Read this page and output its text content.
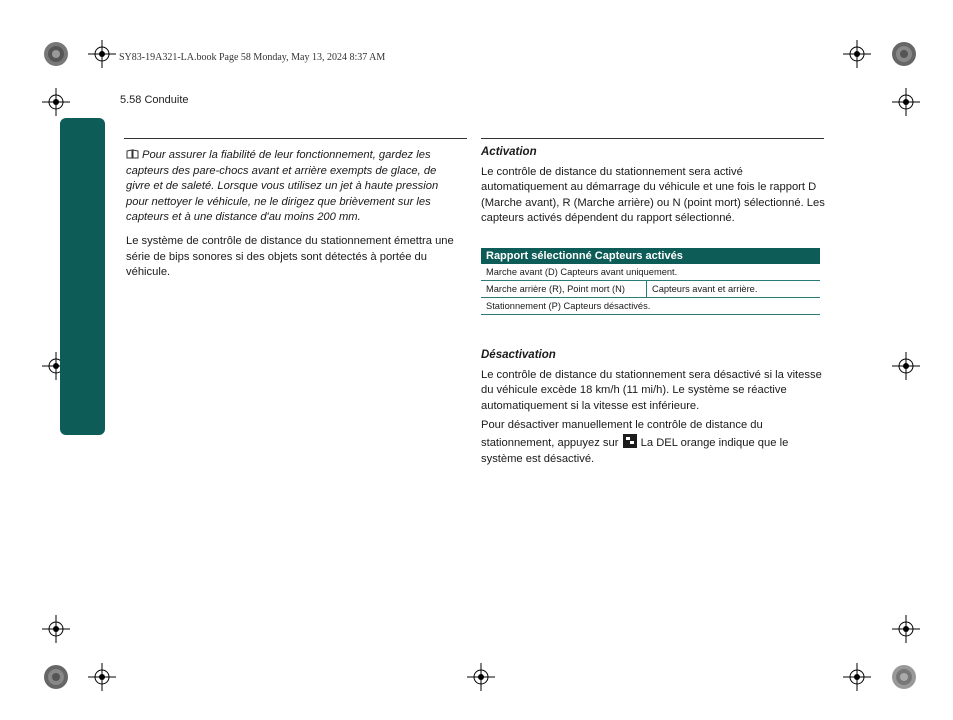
SY83-19A321-LA.book Page 58 Monday, May 13, 2024 8:37 AM
5.58 Conduite

Pour assurer la fiabilité de leur fonctionnement, gardez les capteurs des pare-chocs avant et arrière exempts de glace, de givre et de saleté. Lorsque vous utilisez un jet à haute pression pour nettoyer le véhicule, ne le dirigez que brièvement sur les capteurs et à une distance d'au moins 200 mm.

Le système de contrôle de distance du stationnement émettra une série de bips sonores si des objets sont détectés à portée du véhicule.

Activation

Le contrôle de distance du stationnement sera activé automatiquement au démarrage du véhicule et une fois le rapport D (Marche avant), R (Marche arrière) ou N (point mort) sélectionné. Les capteurs activés dépendent du rapport sélectionné.

Rapport sélectionné Capteurs activés
Marche avant (D) Capteurs avant uniquement.
Marche arrière (R), Point mort (N)	Capteurs avant et arrière.
Stationnement (P) Capteurs désactivés.

Désactivation

Le contrôle de distance du stationnement sera désactivé si la vitesse du véhicule excède 18 km/h (11 mi/h). Le système se réactive automatiquement si la vitesse est inférieure.

Pour désactiver manuellement le contrôle de distance du stationnement, appuyez sur La DEL orange indique que le système est désactivé.
